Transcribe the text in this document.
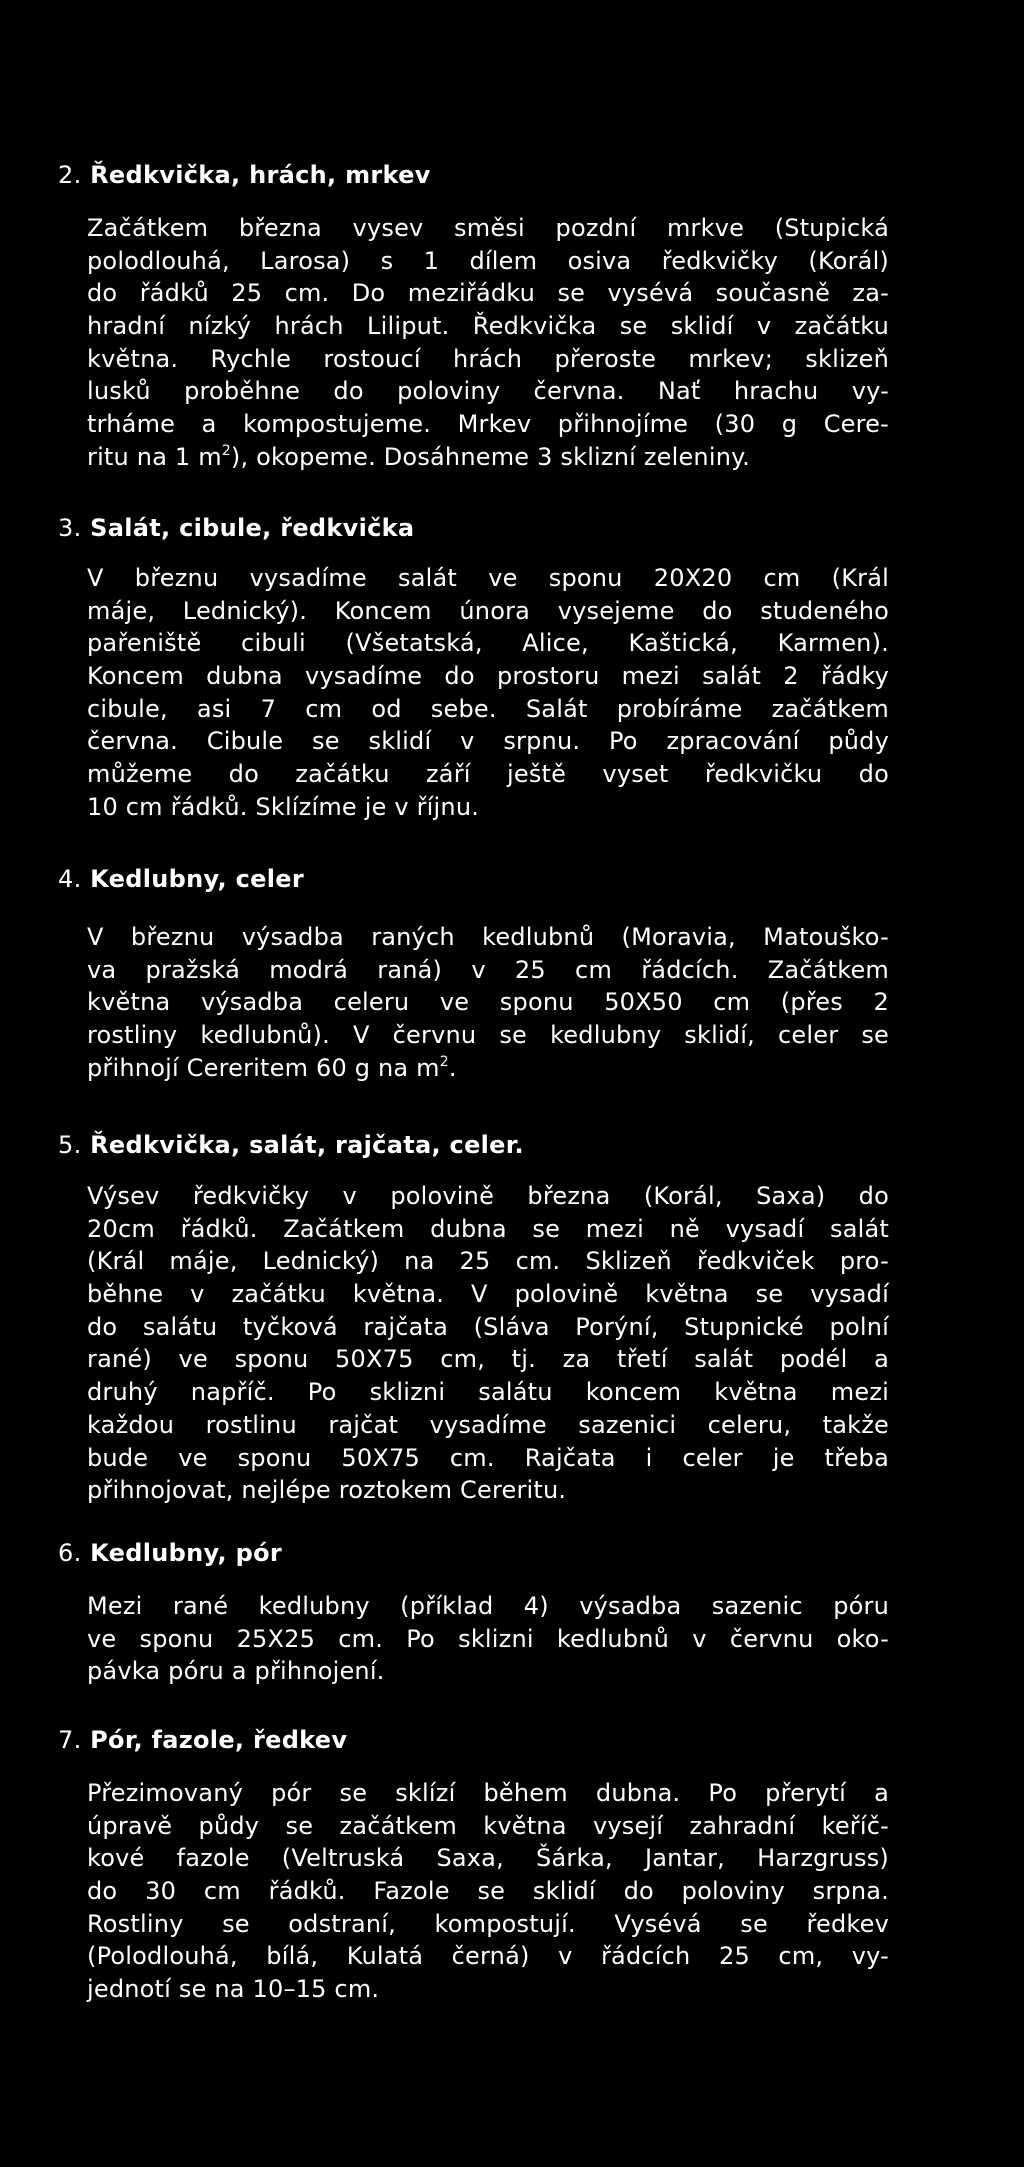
2. Ředkvička, hrách, mrkev
Začátkem března vysev směsi pozdní mrkve (Stupická
polodlouhá, Larosa) s 1 dílem osiva ředkvičky (Korál)
do řádků 25 cm. Do meziřádku se vysévá současně za-
hradní nízký hrách Liliput. Ředkvička se sklidí v začátku
května. Rychle rostoucí hrách přeroste mrkev; sklizeň
lusků proběhne do poloviny června. Nať hrachu vy-
trháme a kompostujeme. Mrkev přihnojíme (30 g Cere-
ritu na 1 $m^2$), okopeme. Dosáhneme 3 sklizní zeleniny.
3. Salát, cibule, ředkvička
V březnu vysadíme salát ve sponu 20X20 cm (Král
máje, Lednický). Koncem února vysejeme do studeného
pařeniště cibuli (Všetatská, Alice, Kaštická, Karmen).
Koncem dubna vysadíme do prostoru mezi salát 2 řádky
cibule, asi 7 cm od sebe. Salát probíráme začátkem
června. Cibule se sklidí v srpnu. Po zpracování půdy
můžeme do začátku září ještě vyset ředkvičku do
10 cm řádků. Sklízíme je v říjnu.
4. Kedlubny, celer
V březnu výsadba raných kedlubnů (Moravia, Matouško-
va pražská modrá raná) v 25 cm řádcích. Začátkem
května výsadba celeru ve sponu 50X50 cm (přes 2
rostliny kedlubnů). V červnu se kedlubny sklidí, celer se
přihnojí Cereritem 60 g na $m^2$.
5. Ředkvička, salát, rajčata, celer.
Výsev ředkvičky v polovině března (Korál, Saxa) do
20cm řádků. Začátkem dubna se mezi ně vysadí salát
(Král máje, Lednický) na 25 cm. Sklizeň ředkviček pro-
běhne v začátku května. V polovině května se vysadí
do salátu tyčková rajčata (Sláva Porýní, Stupnické polní
rané) ve sponu 50X75 cm, tj. za třetí salát podél a
druhý napříč. Po sklizni salátu koncem května mezi
každou rostlinu rajčat vysadíme sazenici celeru, takže
bude ve sponu 50X75 cm. Rajčata i celer je třeba
přihnojovat, nejlépe roztokem Cereritu.
6. Kedlubny, pór
Mezi rané kedlubny (příklad 4) výsadba sazenic póru
ve sponu 25X25 cm. Po sklizni kedlubnů v červnu oko-
pávka póru a přihnojení.
7. Pór, fazole, ředkev
Přezimovaný pór se sklízí během dubna. Po přerytí a
úpravě půdy se začátkem května vysejí zahradní keříč-
kové fazole (Veltruská Saxa, Šárka, Jantar, Harzgruss)
do 30 cm řádků. Fazole se sklidí do poloviny srpna.
Rostliny se odstraní, kompostují. Vysévá se ředkev
(Polodlouhá, bílá, Kulatá černá) v řádcích 25 cm, vy-
jednotí se na 10–15 cm.
